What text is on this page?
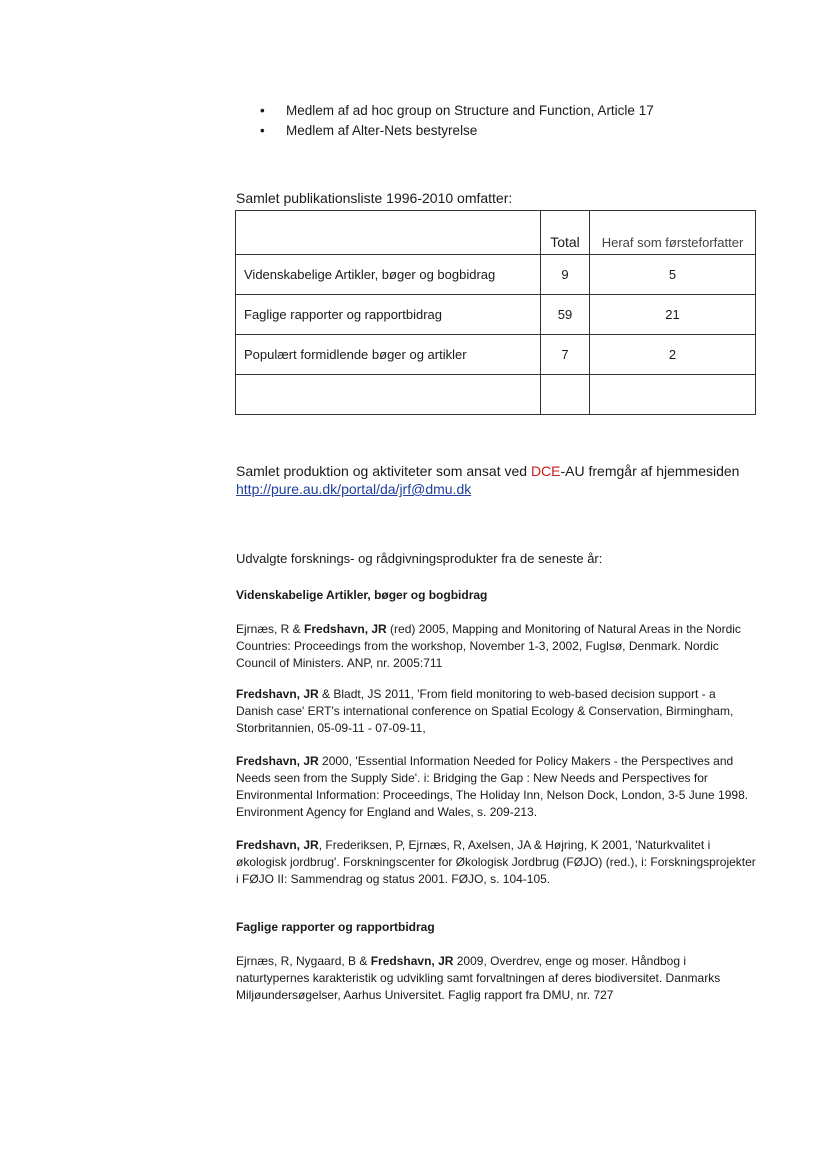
• Medlem af ad hoc group on Structure and Function, Article 17
• Medlem af Alter-Nets bestyrelse
Samlet publikationsliste 1996-2010 omfatter:
	Total	Heraf som førsteforfatter
Videnskabelige Artikler, bøger og bogbidrag	9	5
Faglige rapporter og rapportbidrag	59	21
Populært formidlende bøger og artikler	7	2

Samlet produktion og aktiviteter som ansat ved DCE-AU fremgår af hjemmesiden
http://pure.au.dk/portal/da/jrf@dmu.dk
Udvalgte forsknings- og rådgivningsprodukter fra de seneste år:
Videnskabelige Artikler, bøger og bogbidrag

Ejrnæs, R & Fredshavn, JR (red) 2005, Mapping and Monitoring of Natural Areas in the Nordic Countries: Proceedings from the workshop, November 1-3, 2002, Fuglsø, Denmark. Nordic Council of Ministers. ANP, nr. 2005:711

Fredshavn, JR & Bladt, JS 2011, 'From field monitoring to web-based decision support - a Danish case' ERT's international conference on Spatial Ecology & Conservation, Birmingham, Storbritannien, 05-09-11 - 07-09-11,

Fredshavn, JR 2000, 'Essential Information Needed for Policy Makers - the Perspectives and Needs seen from the Supply Side'. i: Bridging the Gap : New Needs and Perspectives for Environmental Information: Proceedings, The Holiday Inn, Nelson Dock, London, 3-5 June 1998. Environment Agency for England and Wales, s. 209-213.

Fredshavn, JR, Frederiksen, P, Ejrnæs, R, Axelsen, JA & Højring, K 2001, 'Naturkvalitet i økologisk jordbrug'. Forskningscenter for Økologisk Jordbrug (FØJO) (red.), i: Forskningsprojekter i FØJO II: Sammendrag og status 2001. FØJO, s. 104-105.

Faglige rapporter og rapportbidrag

Ejrnæs, R, Nygaard, B & Fredshavn, JR 2009, Overdrev, enge og moser. Håndbog i naturtypernes karakteristik og udvikling samt forvaltningen af deres biodiversitet. Danmarks Miljøundersøgelser, Aarhus Universitet. Faglig rapport fra DMU, nr. 727
